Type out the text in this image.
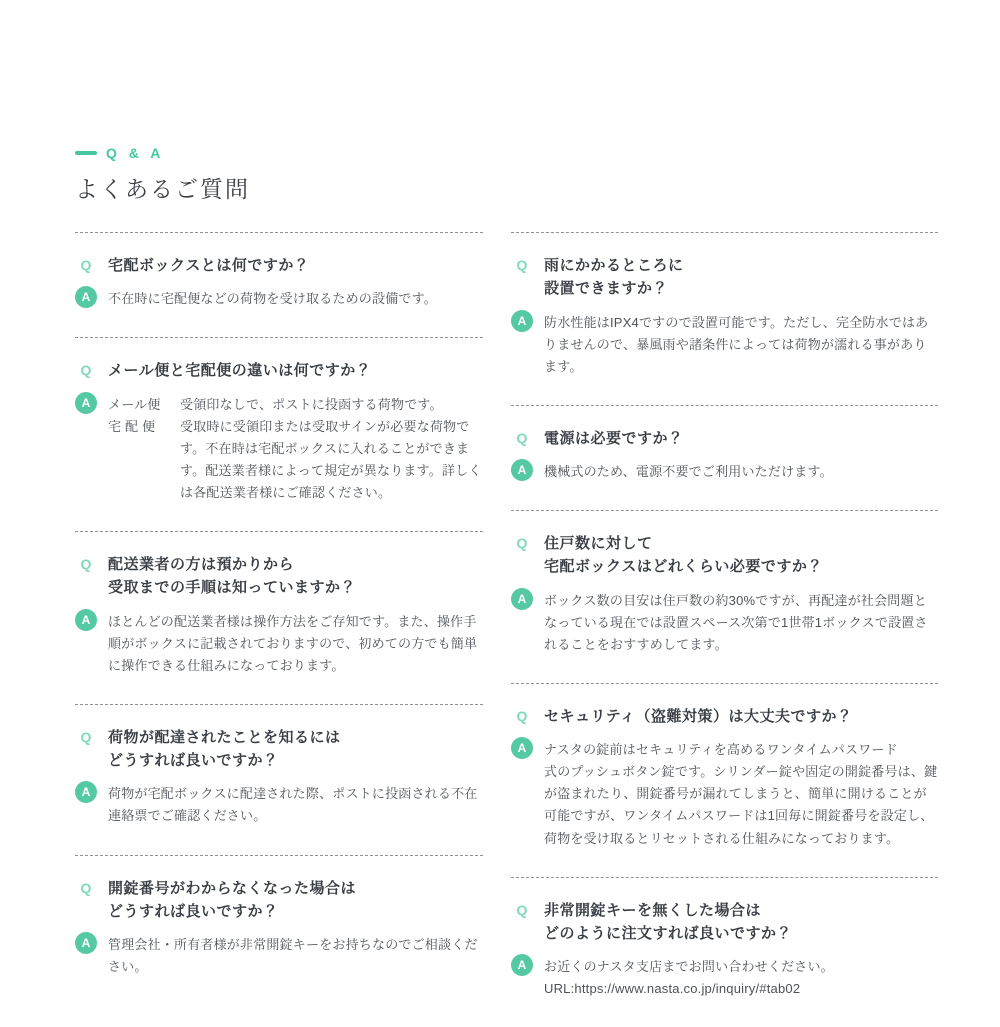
Q & A
よくあるご質問
Q	宅配ボックスとは何ですか？
A	不在時に宅配便などの荷物を受け取るための設備です。
Q	メール便と宅配便の違いは何ですか？
A	メール便	受領印なしで、ポストに投函する荷物です。
宅 配 便	受取時に受領印または受取サインが必要な荷物です。不在時は宅配ボックスに入れることができます。配送業者様によって規定が異なります。詳しくは各配送業者様にご確認ください。
Q	配送業者の方は預かりから
受取までの手順は知っていますか？
A	ほとんどの配送業者様は操作方法をご存知です。また、操作手順がボックスに記載されておりますので、初めての方でも簡単に操作できる仕組みになっております。
Q	荷物が配達されたことを知るには
どうすれば良いですか？
A	荷物が宅配ボックスに配達された際、ポストに投函される不在連絡票でご確認ください。
Q	開錠番号がわからなくなった場合は
どうすれば良いですか？
A	管理会社・所有者様が非常開錠キーをお持ちなのでご相談ください。
Q	雨にかかるところに
設置できますか？
A	防水性能はIPX4ですので設置可能です。ただし、完全防水ではありませんので、暴風雨や諸条件によっては荷物が濡れる事があります。
Q	電源は必要ですか？
A	機械式のため、電源不要でご利用いただけます。
Q	住戸数に対して
宅配ボックスはどれくらい必要ですか？
A	ボックス数の目安は住戸数の約30%ですが、再配達が社会問題となっている現在では設置スペース次第で1世帯1ボックスで設置されることをおすすめしてます。
Q	セキュリティ（盗難対策）は大丈夫ですか？
A	ナスタの錠前はセキュリティを高めるワンタイムパスワード
式のプッシュボタン錠です。シリンダー錠や固定の開錠番号は、鍵が盗まれたり、開錠番号が漏れてしまうと、簡単に開けることが可能ですが、ワンタイムパスワードは1回毎に開錠番号を設定し、荷物を受け取るとリセットされる仕組みになっております。
Q	非常開錠キーを無くした場合は
どのように注文すれば良いですか？
A	お近くのナスタ支店までお問い合わせください。
URL:https://www.nasta.co.jp/inquiry/#tab02
